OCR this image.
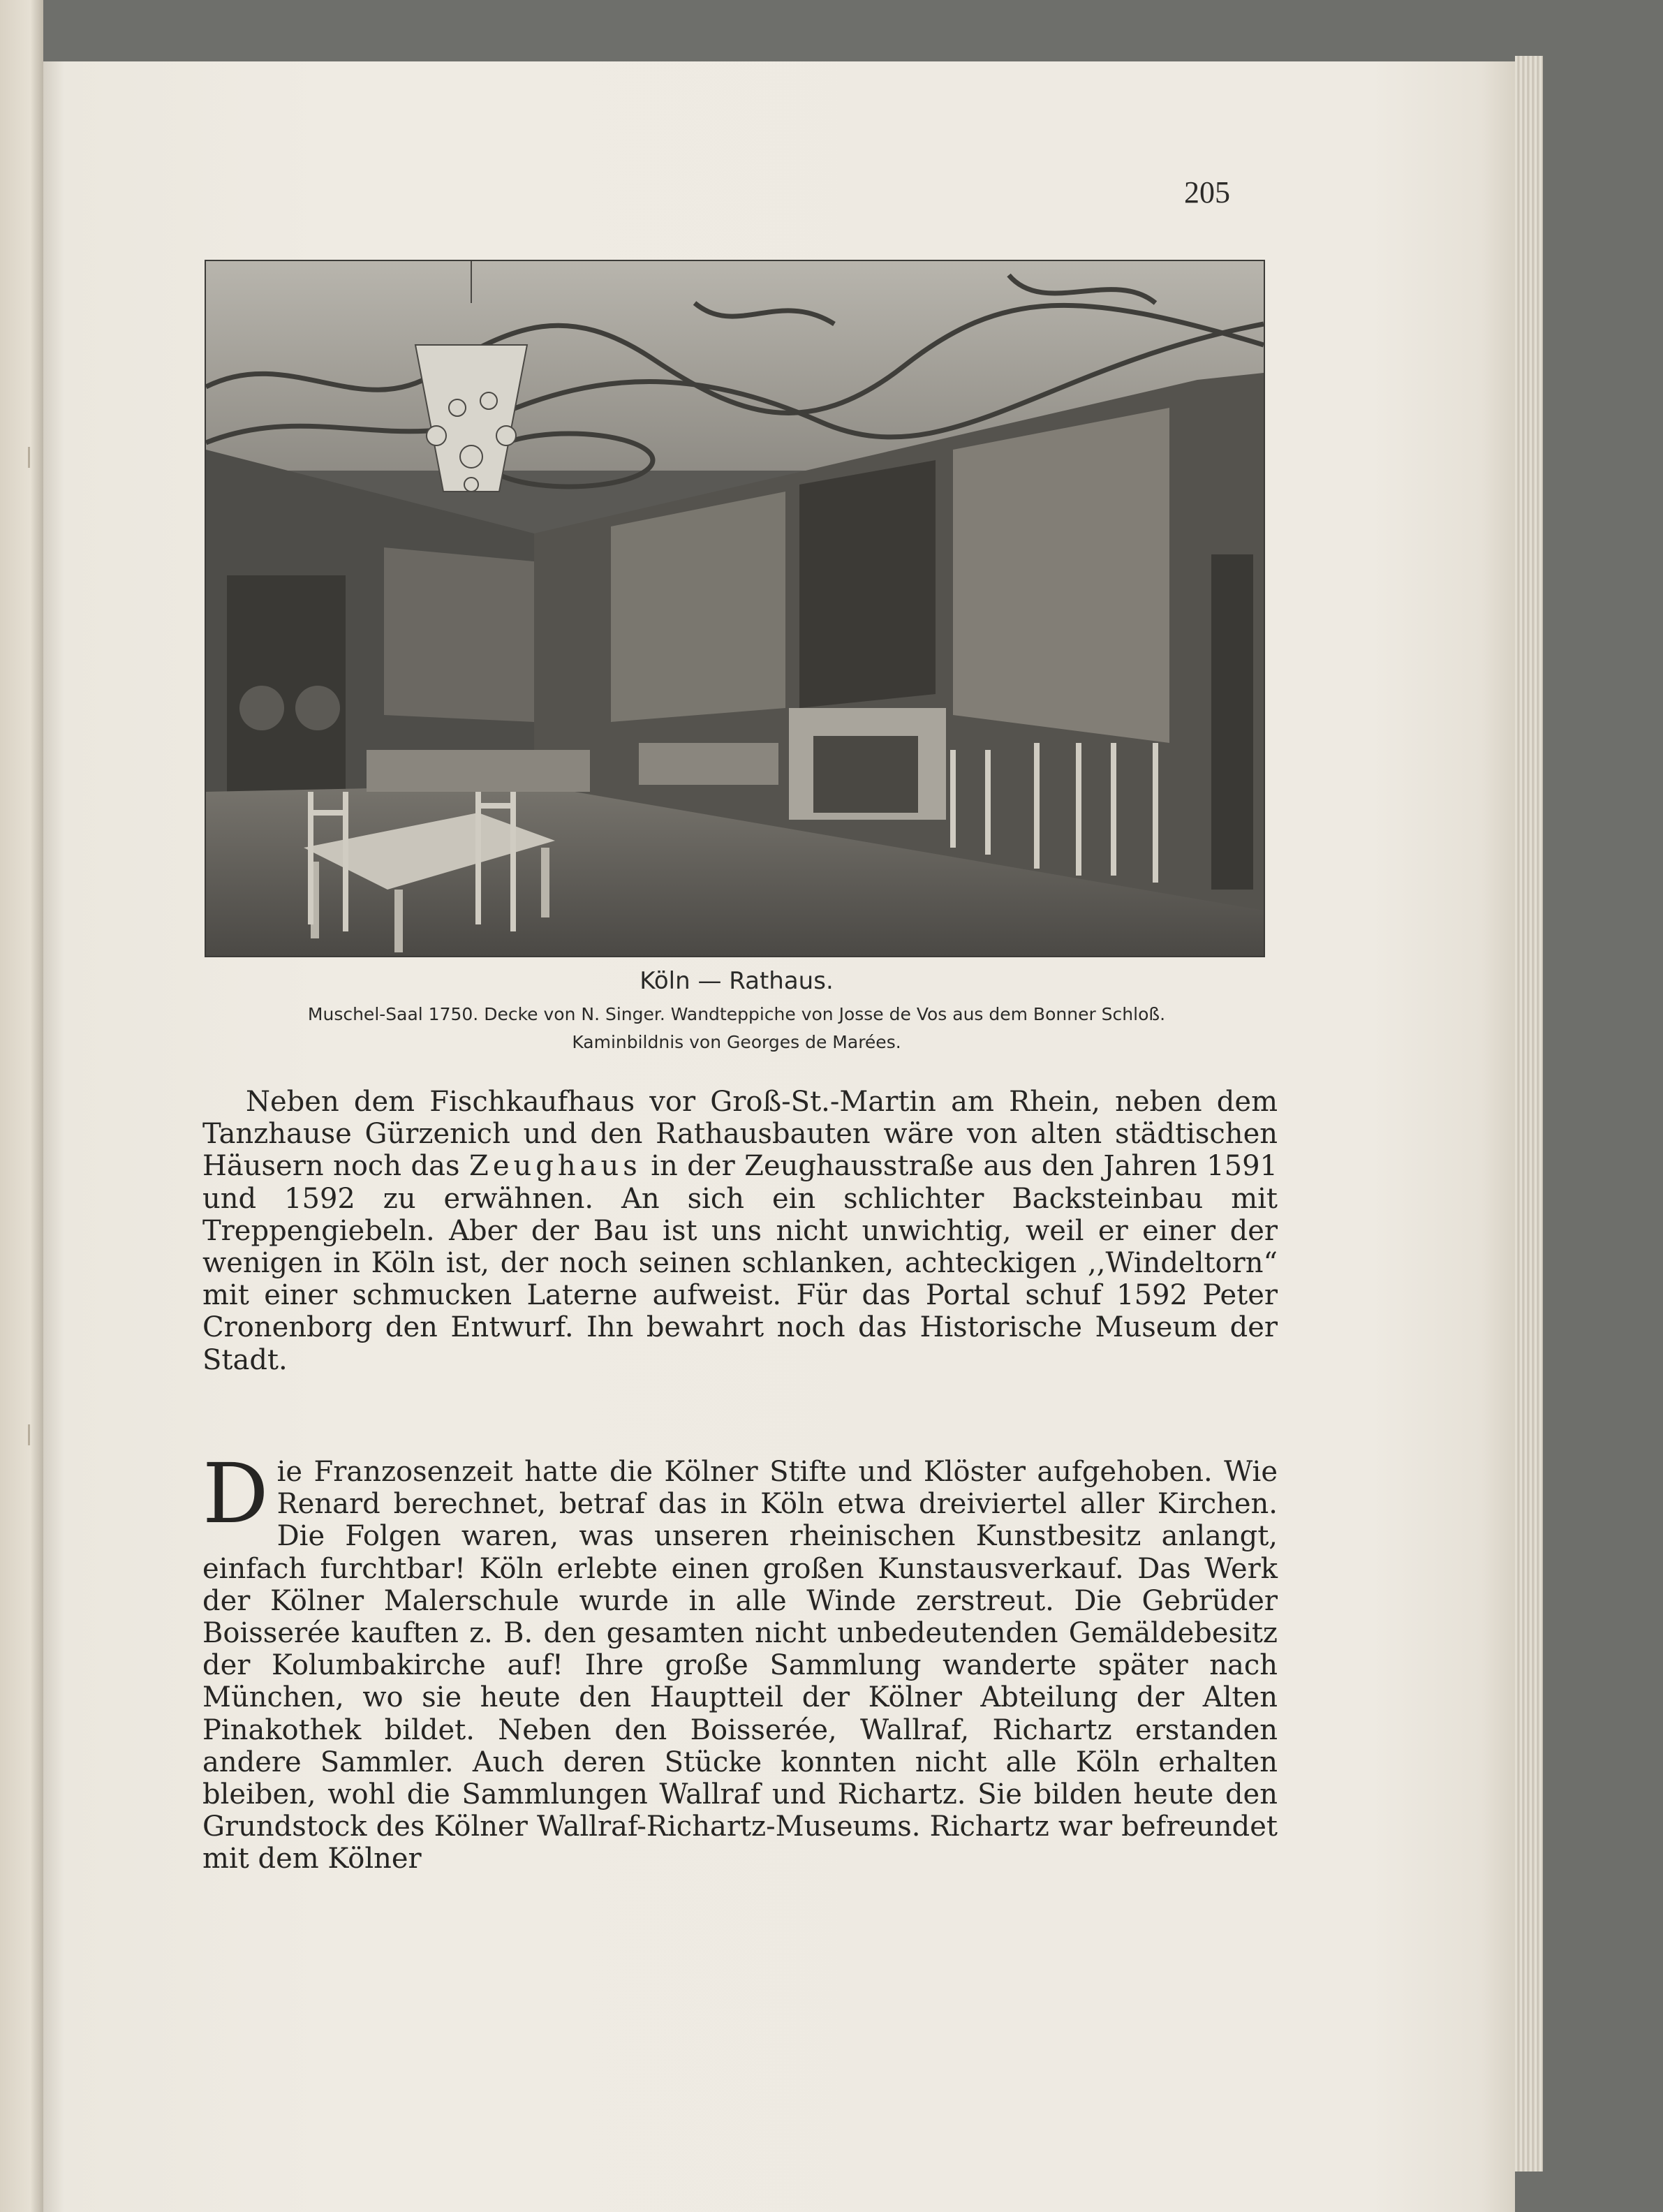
205
Köln — Rathaus.
Muschel-Saal 1750. Decke von N. Singer. Wandteppiche von Josse de Vos aus dem Bonner Schloß.
Kaminbildnis von Georges de Marées.

Neben dem Fischkaufhaus vor Groß-St.-Martin am Rhein, neben dem Tanzhause Gürzenich und den Rathausbauten wäre von alten städtischen Häusern noch das Zeughaus in der Zeughausstraße aus den Jahren 1591 und 1592 zu erwähnen. An sich ein schlichter Backsteinbau mit Treppengiebeln. Aber der Bau ist uns nicht unwichtig, weil er einer der wenigen in Köln ist, der noch seinen schlanken, achteckigen ,,Windeltorn“ mit einer schmucken Laterne aufweist. Für das Portal schuf 1592 Peter Cronenborg den Entwurf. Ihn bewahrt noch das Historische Museum der Stadt.

Die Franzosenzeit hatte die Kölner Stifte und Klöster aufgehoben. Wie Renard berechnet, betraf das in Köln etwa dreiviertel aller Kirchen. Die Folgen waren, was unseren rheinischen Kunstbesitz anlangt, einfach furchtbar! Köln erlebte einen großen Kunstausverkauf. Das Werk der Kölner Malerschule wurde in alle Winde zerstreut. Die Gebrüder Boisserée kauften z. B. den gesamten nicht unbedeutenden Gemäldebesitz der Kolumbakirche auf! Ihre große Sammlung wanderte später nach München, wo sie heute den Hauptteil der Kölner Abteilung der Alten Pinakothek bildet. Neben den Boisserée, Wallraf, Richartz erstanden andere Sammler. Auch deren Stücke konnten nicht alle Köln erhalten bleiben, wohl die Sammlungen Wallraf und Richartz. Sie bilden heute den Grundstock des Kölner Wallraf-Richartz-Museums. Richartz war befreundet mit dem Kölner
